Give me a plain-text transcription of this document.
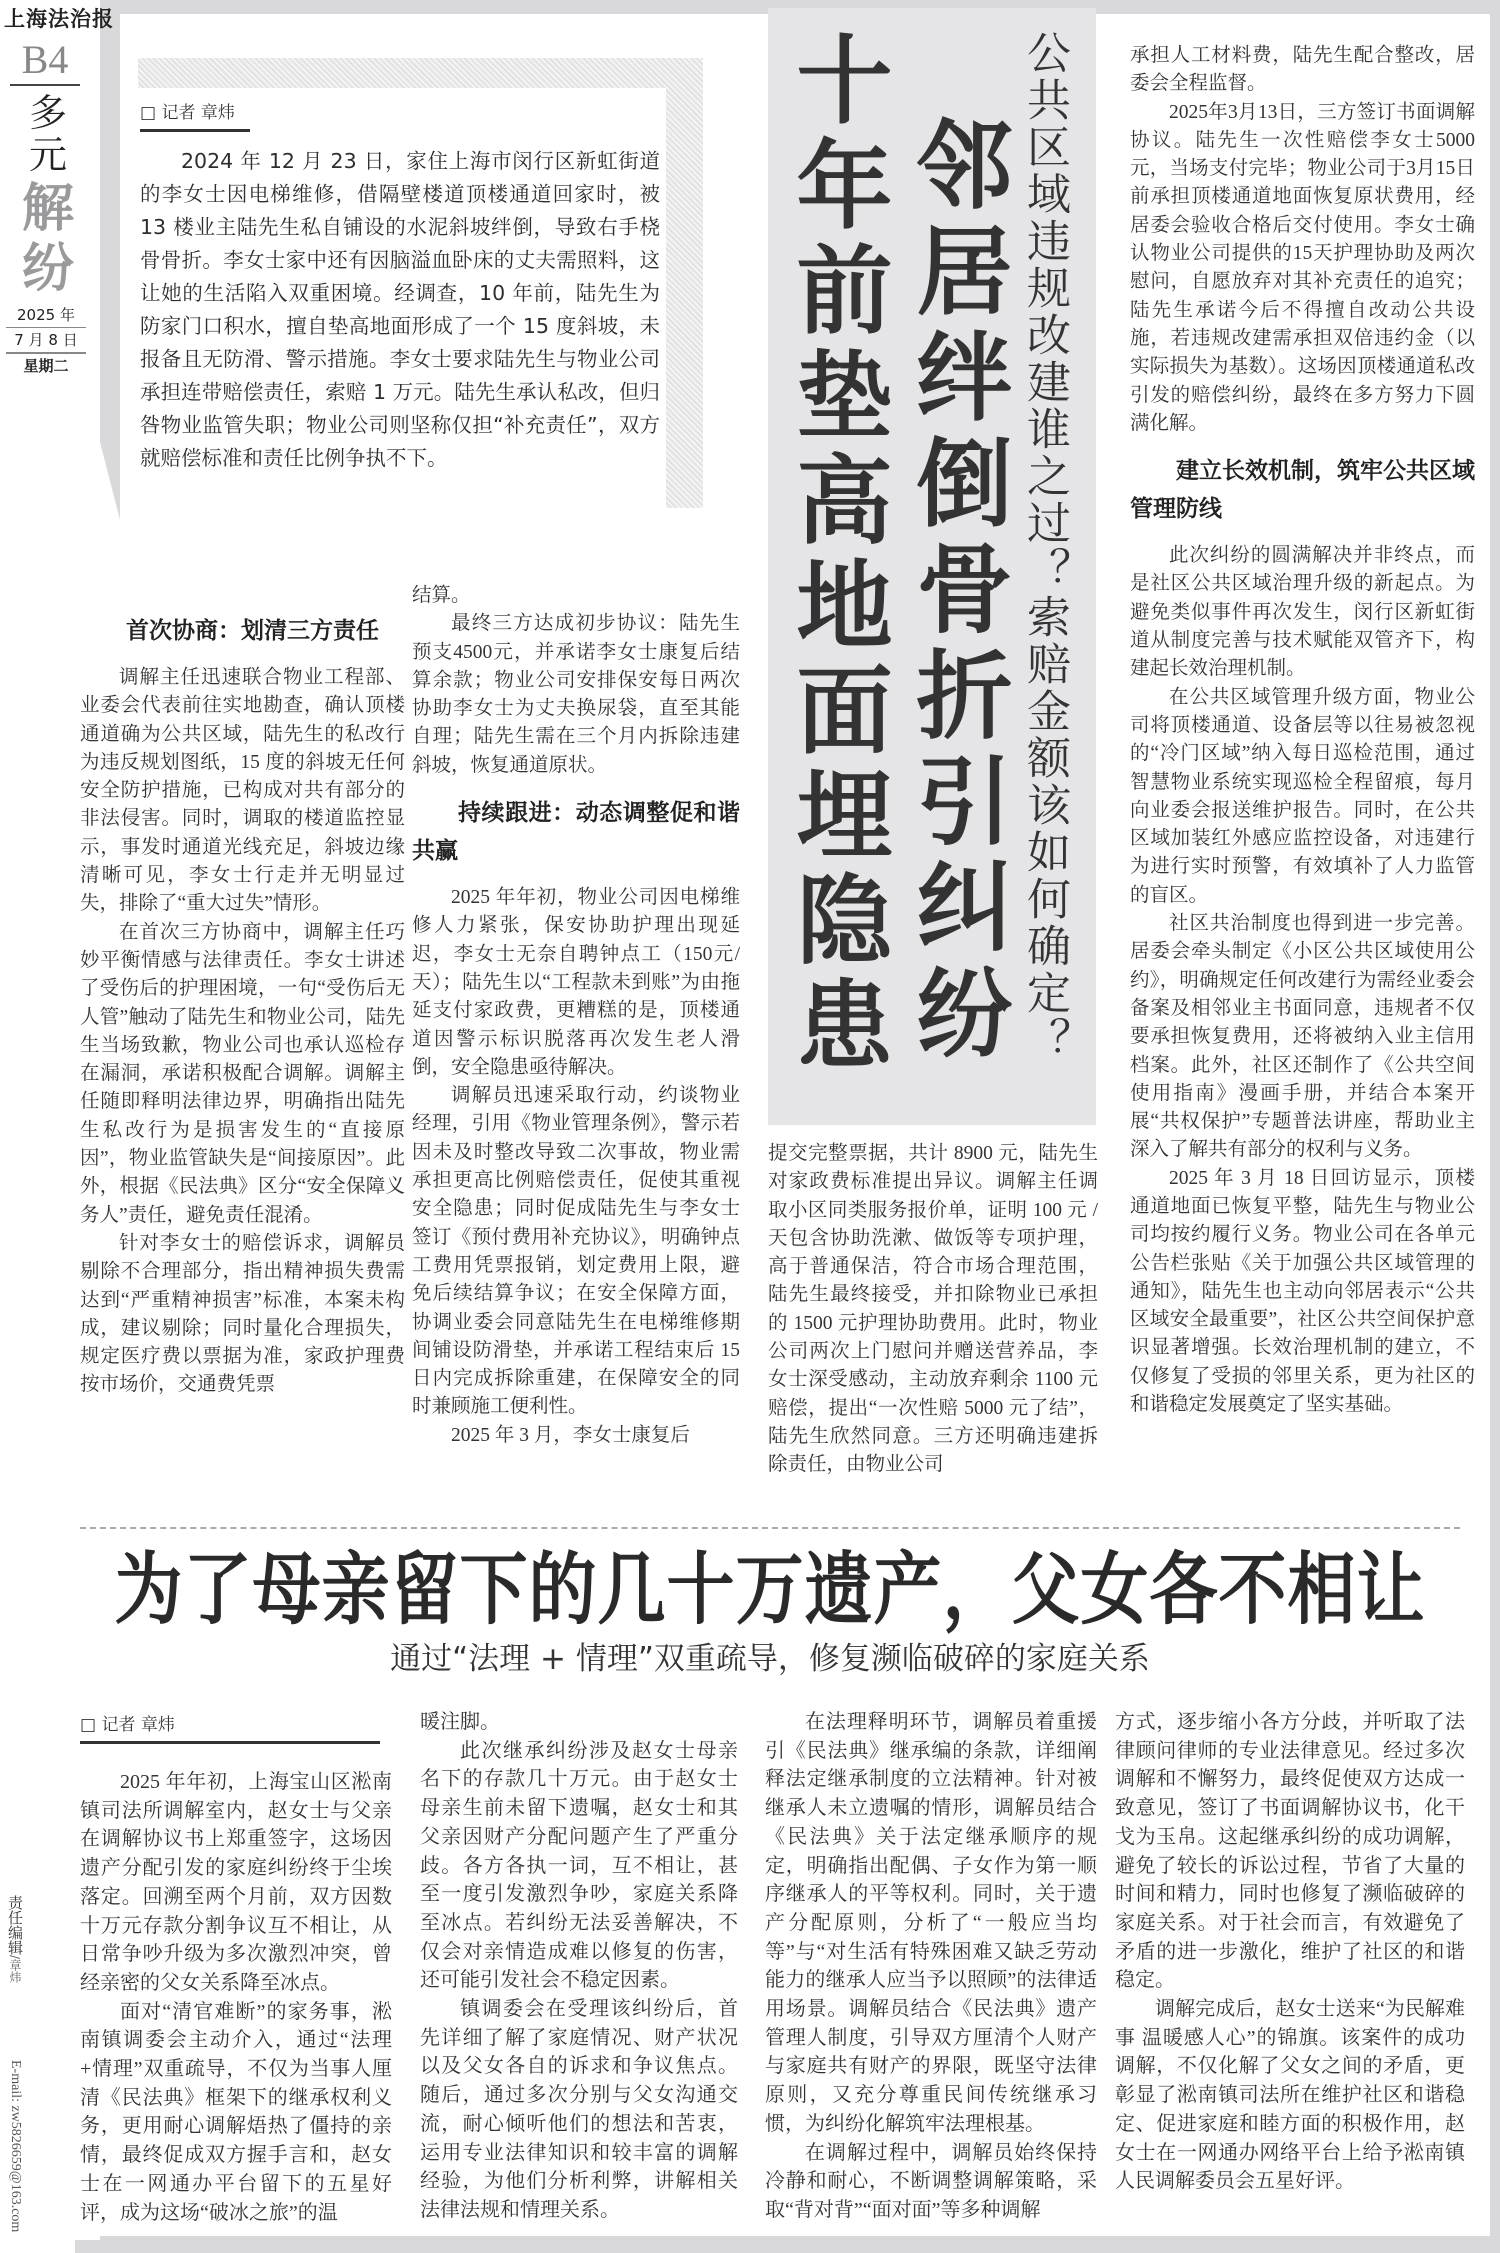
上海法治报
B4
多元
解纷
2025 年
7 月 8 日
星期二
□ 记者 章炜

2024 年 12 月 23 日，家住上海市闵行区新虹街道的李女士因电梯维修，借隔壁楼道顶楼通道回家时，被 13 楼业主陆先生私自铺设的水泥斜坡绊倒，导致右手桡骨骨折。李女士家中还有因脑溢血卧床的丈夫需照料，这让她的生活陷入双重困境。经调查，10 年前，陆先生为防家门口积水，擅自垫高地面形成了一个 15 度斜坡，未报备且无防滑、警示措施。李女士要求陆先生与物业公司承担连带赔偿责任，索赔 1 万元。陆先生承认私改，但归咎物业监管失职；物业公司则坚称仅担“补充责任”，双方就赔偿标准和责任比例争执不下。	公共区域违规改建谁之过？索赔金额该如何确定？
邻居绊倒骨折引纠纷
十年前垫高地面埋隐患
首次协商：划清三方责任

调解主任迅速联合物业工程部、业委会代表前往实地勘查，确认顶楼通道确为公共区域，陆先生的私改行为违反规划图纸，15 度的斜坡无任何安全防护措施，已构成对共有部分的非法侵害。同时，调取的楼道监控显示，事发时通道光线充足，斜坡边缘清晰可见，李女士行走并无明显过失，排除了“重大过失”情形。

在首次三方协商中，调解主任巧妙平衡情感与法律责任。李女士讲述了受伤后的护理困境，一句“受伤后无人管”触动了陆先生和物业公司，陆先生当场致歉，物业公司也承认巡检存在漏洞，承诺积极配合调解。调解主任随即释明法律边界，明确指出陆先生私改行为是损害发生的“直接原因”，物业监管缺失是“间接原因”。此外，根据《民法典》区分“安全保障义务人”责任，避免责任混淆。

针对李女士的赔偿诉求，调解员剔除不合理部分，指出精神损失费需达到“严重精神损害”标准，本案未构成，建议剔除；同时量化合理损失，规定医疗费以票据为准，家政护理费按市场价，交通费凭票

结算。

最终三方达成初步协议：陆先生预支4500元，并承诺李女士康复后结算余款；物业公司安排保安每日两次协助李女士为丈夫换尿袋，直至其能自理；陆先生需在三个月内拆除违建斜坡，恢复通道原状。

持续跟进：动态调整促和谐共赢

2025 年年初，物业公司因电梯维修人力紧张，保安协助护理出现延迟，李女士无奈自聘钟点工（150元/天）；陆先生以“工程款未到账”为由拖延支付家政费，更糟糕的是，顶楼通道因警示标识脱落再次发生老人滑倒，安全隐患亟待解决。

调解员迅速采取行动，约谈物业经理，引用《物业管理条例》，警示若因未及时整改导致二次事故，物业需承担更高比例赔偿责任，促使其重视安全隐患；同时促成陆先生与李女士签订《预付费用补充协议》，明确钟点工费用凭票报销，划定费用上限，避免后续结算争议；在安全保障方面，协调业委会同意陆先生在电梯维修期间铺设防滑垫，并承诺工程结束后 15 日内完成拆除重建，在保障安全的同时兼顾施工便利性。

2025 年 3 月，李女士康复后

提交完整票据，共计 8900 元，陆先生对家政费标准提出异议。调解主任调取小区同类服务报价单，证明 100 元 / 天包含协助洗漱、做饭等专项护理，高于普通保洁，符合市场合理范围，陆先生最终接受，并扣除物业已承担的 1500 元护理协助费用。此时，物业公司两次上门慰问并赠送营养品，李女士深受感动，主动放弃剩余 1100 元赔偿，提出“一次性赔 5000 元了结”，陆先生欣然同意。三方还明确违建拆除责任，由物业公司

承担人工材料费，陆先生配合整改，居委会全程监督。

2025年3月13日，三方签订书面调解协议。陆先生一次性赔偿李女士5000元，当场支付完毕；物业公司于3月15日前承担顶楼通道地面恢复原状费用，经居委会验收合格后交付使用。李女士确认物业公司提供的15天护理协助及两次慰问，自愿放弃对其补充责任的追究；陆先生承诺今后不得擅自改动公共设施，若违规改建需承担双倍违约金（以实际损失为基数）。这场因顶楼通道私改引发的赔偿纠纷，最终在多方努力下圆满化解。

建立长效机制，筑牢公共区域管理防线

此次纠纷的圆满解决并非终点，而是社区公共区域治理升级的新起点。为避免类似事件再次发生，闵行区新虹街道从制度完善与技术赋能双管齐下，构建起长效治理机制。

在公共区域管理升级方面，物业公司将顶楼通道、设备层等以往易被忽视的“冷门区域”纳入每日巡检范围，通过智慧物业系统实现巡检全程留痕，每月向业委会报送维护报告。同时，在公共区域加装红外感应监控设备，对违建行为进行实时预警，有效填补了人力监管的盲区。

社区共治制度也得到进一步完善。居委会牵头制定《小区公共区域使用公约》，明确规定任何改建行为需经业委会备案及相邻业主书面同意，违规者不仅要承担恢复费用，还将被纳入业主信用档案。此外，社区还制作了《公共空间使用指南》漫画手册，并结合本案开展“共权保护”专题普法讲座，帮助业主深入了解共有部分的权利与义务。

2025 年 3 月 18 日回访显示，顶楼通道地面已恢复平整，陆先生与物业公司均按约履行义务。物业公司在各单元公告栏张贴《关于加强公共区域管理的通知》，陆先生也主动向邻居表示“公共区域安全最重要”，社区公共空间保护意识显著增强。长效治理机制的建立，不仅修复了受损的邻里关系，更为社区的和谐稳定发展奠定了坚实基础。

为了母亲留下的几十万遗产，父女各不相让
通过“法理 + 情理”双重疏导，修复濒临破碎的家庭关系
□ 记者 章炜

2025 年年初，上海宝山区淞南镇司法所调解室内，赵女士与父亲在调解协议书上郑重签字，这场因遗产分配引发的家庭纠纷终于尘埃落定。回溯至两个月前，双方因数十万元存款分割争议互不相让，从日常争吵升级为多次激烈冲突，曾经亲密的父女关系降至冰点。

面对“清官难断”的家务事，淞南镇调委会主动介入，通过“法理+情理”双重疏导，不仅为当事人厘清《民法典》框架下的继承权利义务，更用耐心调解焐热了僵持的亲情，最终促成双方握手言和，赵女士在一网通办平台留下的五星好评，成为这场“破冰之旅”的温

暖注脚。

此次继承纠纷涉及赵女士母亲名下的存款几十万元。由于赵女士母亲生前未留下遗嘱，赵女士和其父亲因财产分配问题产生了严重分歧。各方各执一词，互不相让，甚至一度引发激烈争吵，家庭关系降至冰点。若纠纷无法妥善解决，不仅会对亲情造成难以修复的伤害，还可能引发社会不稳定因素。

镇调委会在受理该纠纷后，首先详细了解了家庭情况、财产状况以及父女各自的诉求和争议焦点。随后，通过多次分别与父女沟通交流，耐心倾听他们的想法和苦衷，运用专业法律知识和较丰富的调解经验，为他们分析利弊，讲解相关法律法规和情理关系。

在法理释明环节，调解员着重援引《民法典》继承编的条款，详细阐释法定继承制度的立法精神。针对被继承人未立遗嘱的情形，调解员结合《民法典》关于法定继承顺序的规定，明确指出配偶、子女作为第一顺序继承人的平等权利。同时，关于遗产分配原则，分析了“一般应当均等”与“对生活有特殊困难又缺乏劳动能力的继承人应当予以照顾”的法律适用场景。调解员结合《民法典》遗产管理人制度，引导双方厘清个人财产与家庭共有财产的界限，既坚守法律原则，又充分尊重民间传统继承习惯，为纠纷化解筑牢法理根基。

在调解过程中，调解员始终保持冷静和耐心，不断调整调解策略，采取“背对背”“面对面”等多种调解

方式，逐步缩小各方分歧，并听取了法律顾问律师的专业法律意见。经过多次调解和不懈努力，最终促使双方达成一致意见，签订了书面调解协议书，化干戈为玉帛。这起继承纠纷的成功调解，避免了较长的诉讼过程，节省了大量的时间和精力，同时也修复了濒临破碎的家庭关系。对于社会而言，有效避免了矛盾的进一步激化，维护了社区的和谐稳定。

调解完成后，赵女士送来“为民解难事 温暖感人心”的锦旗。该案件的成功调解，不仅化解了父女之间的矛盾，更彰显了淞南镇司法所在维护社区和谐稳定、促进家庭和睦方面的积极作用，赵女士在一网通办网络平台上给予淞南镇人民调解委员会五星好评。

责任编辑/章炜
E-mail: zw5826659@163.com
